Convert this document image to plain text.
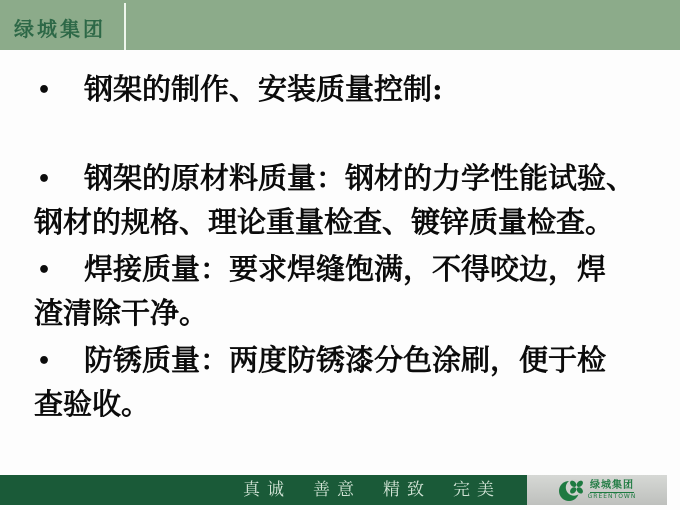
绿城集团
• 钢架的制作、安装质量控制:
• 钢架的原材料质量：钢材的力学性能试验、
钢材的规格、理论重量检查、镀锌质量检查。
• 焊接质量：要求焊缝饱满，不得咬边，焊
渣清除干净。
• 防锈质量：两度防锈漆分色涂刷，便于检
查验收。
真诚 善意 精致 完美	绿城集团
GREENTOWN
